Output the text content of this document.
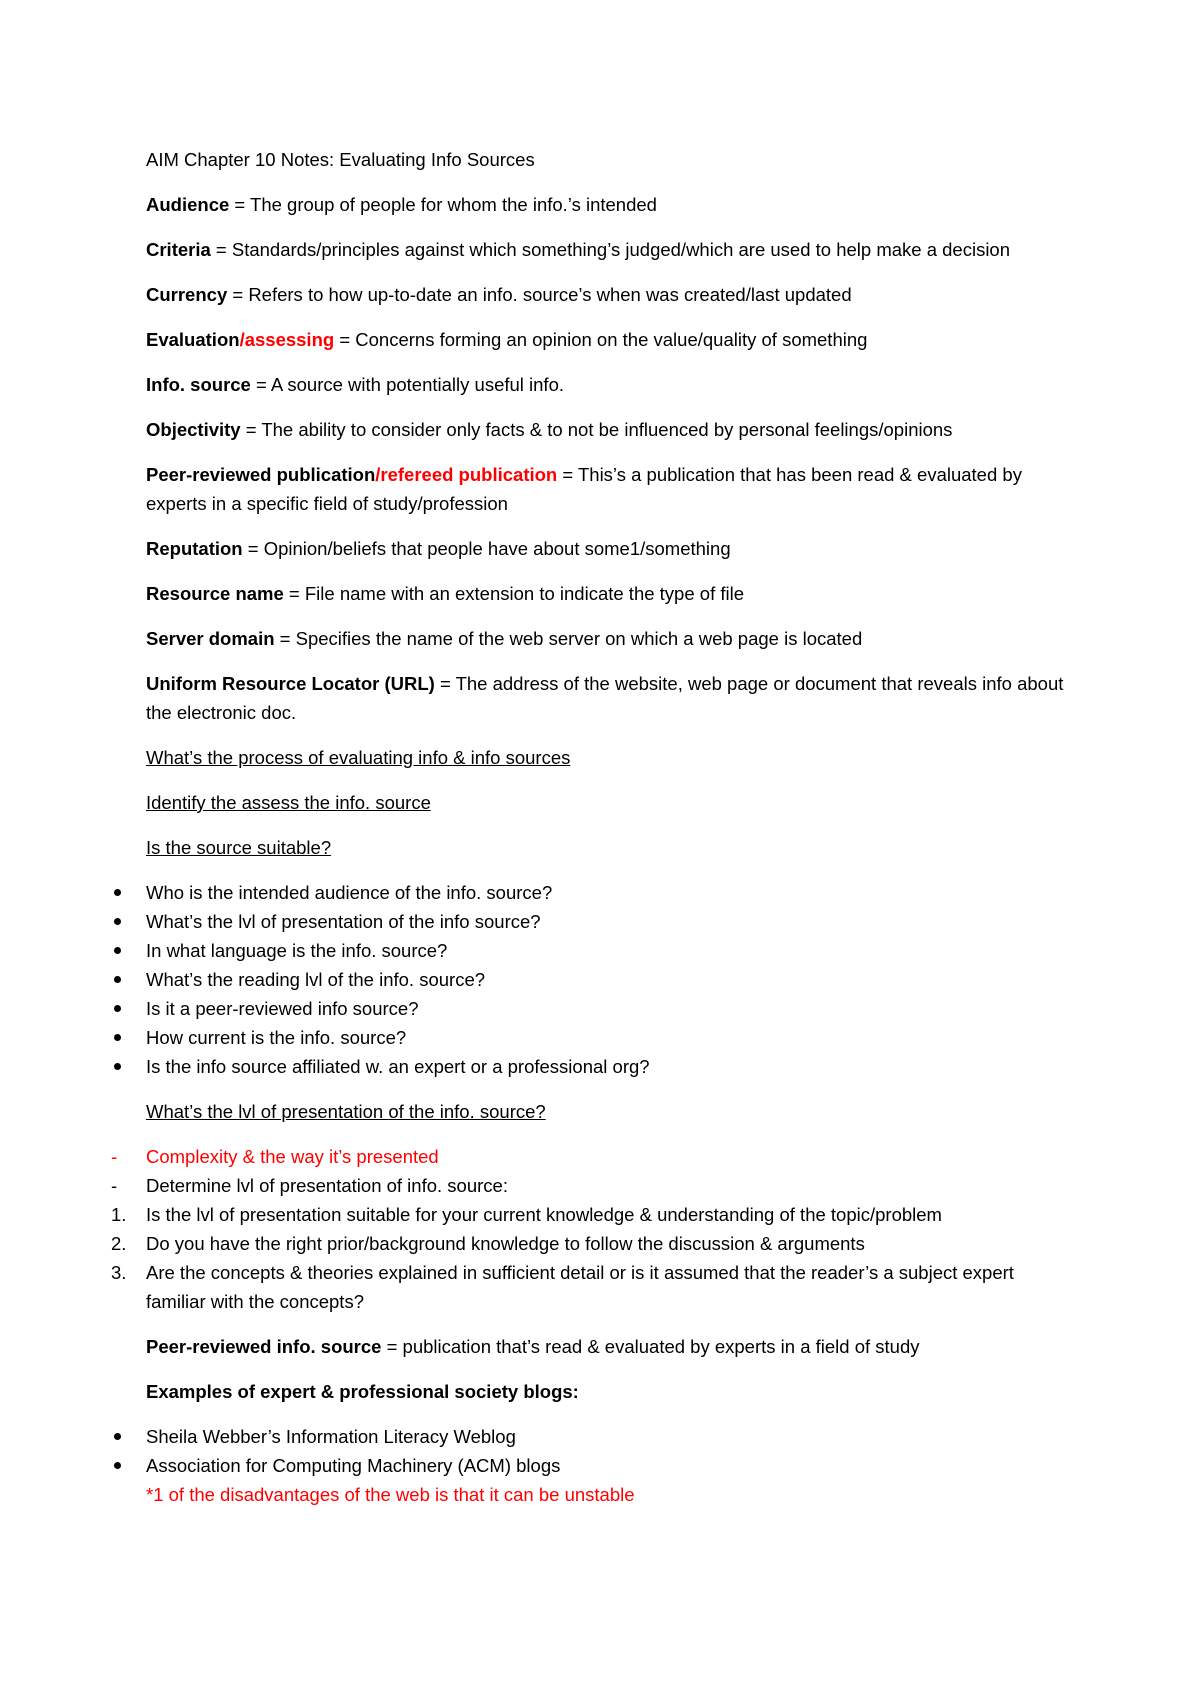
AIM Chapter 10 Notes: Evaluating Info Sources

Audience = The group of people for whom the info.’s intended

Criteria = Standards/principles against which something’s judged/which are used to help make a decision

Currency = Refers to how up-to-date an info. source’s when was created/last updated

Evaluation/assessing = Concerns forming an opinion on the value/quality of something

Info. source = A source with potentially useful info.

Objectivity = The ability to consider only facts & to not be influenced by personal feelings/opinions

Peer-reviewed publication/refereed publication = This’s a publication that has been read & evaluated by experts in a specific field of study/profession

Reputation = Opinion/beliefs that people have about some1/something

Resource name = File name with an extension to indicate the type of file

Server domain = Specifies the name of the web server on which a web page is located

Uniform Resource Locator (URL) = The address of the website, web page or document that reveals info about the electronic doc.

What’s the process of evaluating info & info sources

Identify the assess the info. source

Is the source suitable?

Who is the intended audience of the info. source?
What’s the lvl of presentation of the info source?
In what language is the info. source?
What’s the reading lvl of the info. source?
Is it a peer-reviewed info source?
How current is the info. source?
Is the info source affiliated w. an expert or a professional org?

What’s the lvl of presentation of the info. source?

- Complexity & the way it’s presented
- Determine lvl of presentation of info. source:
1. Is the lvl of presentation suitable for your current knowledge & understanding of the topic/problem
2. Do you have the right prior/background knowledge to follow the discussion & arguments
3. Are the concepts & theories explained in sufficient detail or is it assumed that the reader’s a subject expert familiar with the concepts?

Peer-reviewed info. source = publication that’s read & evaluated by experts in a field of study

Examples of expert & professional society blogs:

Sheila Webber’s Information Literacy Weblog
Association for Computing Machinery (ACM) blogs

*1 of the disadvantages of the web is that it can be unstable
